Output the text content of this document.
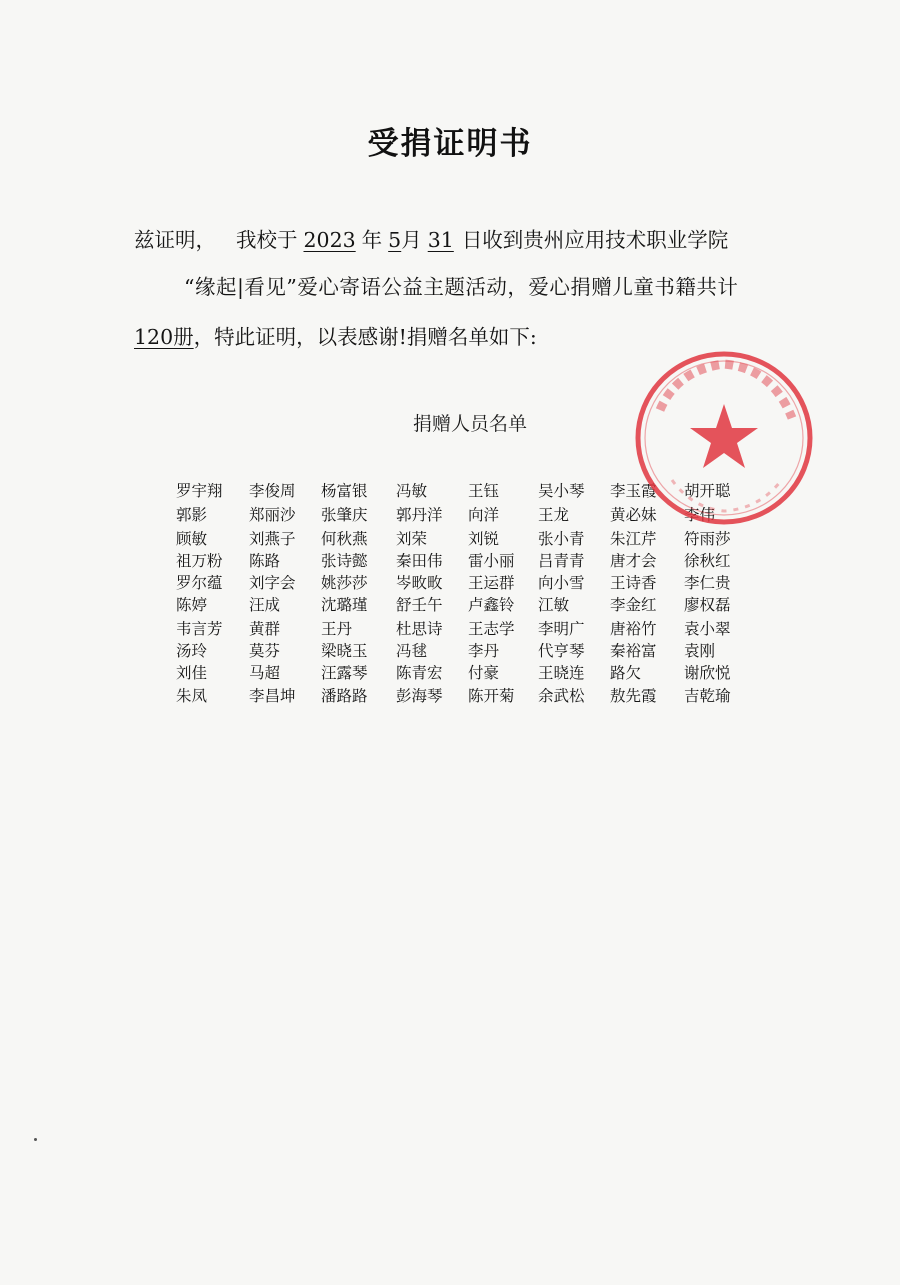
受捐证明书
兹证明， 我校于 2023 年 5月 31 日收到贵州应用技术职业学院
“缘起|看见”爱心寄语公益主题活动，爱心捐赠儿童书籍共计
120册，特此证明，以表感谢!捐赠名单如下:
捐赠人员名单
罗宇翔 李俊周 杨富银 冯敏	王钰	吴小琴 李玉霞 胡开聪
郭影	郑丽沙 张肇庆 郭丹洋 向洋	王龙	黄必妹 李伟
顾敏	刘燕子 何秋燕 刘荣	刘锐	张小青 朱江芹 符雨莎
祖万粉 陈路	张诗懿 秦田伟 雷小丽 吕青青 唐才会 徐秋红
罗尔蕴 刘字会 姚莎莎 岑畋畋 王运群 向小雪 王诗香 李仁贵
陈婷	汪成	沈璐瑾 舒壬午 卢鑫铃 江敏	李金红 廖权磊
韦言芳 黄群	王丹	杜思诗 王志学 李明广 唐裕竹 袁小翠
汤玲	莫芬	梁晓玉 冯毬	李丹	代亨琴 秦裕富 袁刚
刘佳	马超	汪露琴 陈青宏 付豪	王晓连 路欠	谢欣悦
朱凤	李昌坤 潘路路 彭海琴 陈开菊 余武松 敖先霞 吉乾瑜
